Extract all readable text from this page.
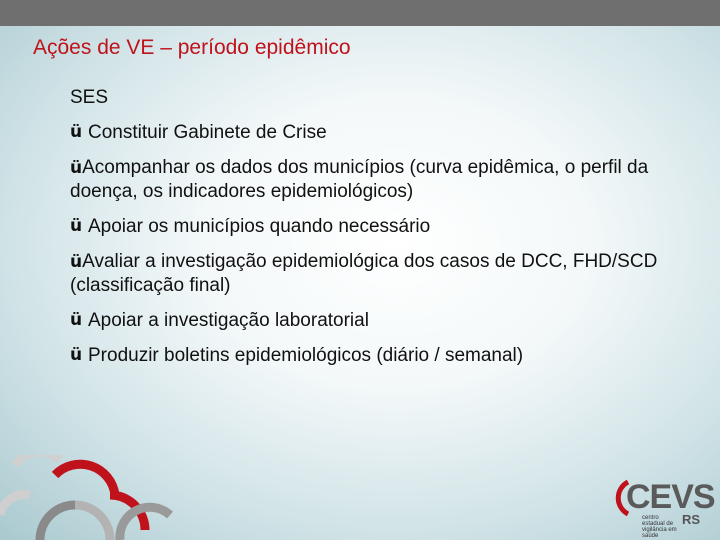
Ações de VE – período epidêmico
SES
ü Constituir Gabinete de Crise
üAcompanhar os dados dos municípios (curva epidêmica, o perfil da doença, os indicadores epidemiológicos)
ü Apoiar os municípios quando necessário
üAvaliar a investigação epidemiológica dos casos de DCC, FHD/SCD (classificação final)
ü Apoiar a investigação laboratorial
ü Produzir boletins epidemiológicos (diário / semanal)
CEVS
centro estadual de vigilância em saúde
RS
